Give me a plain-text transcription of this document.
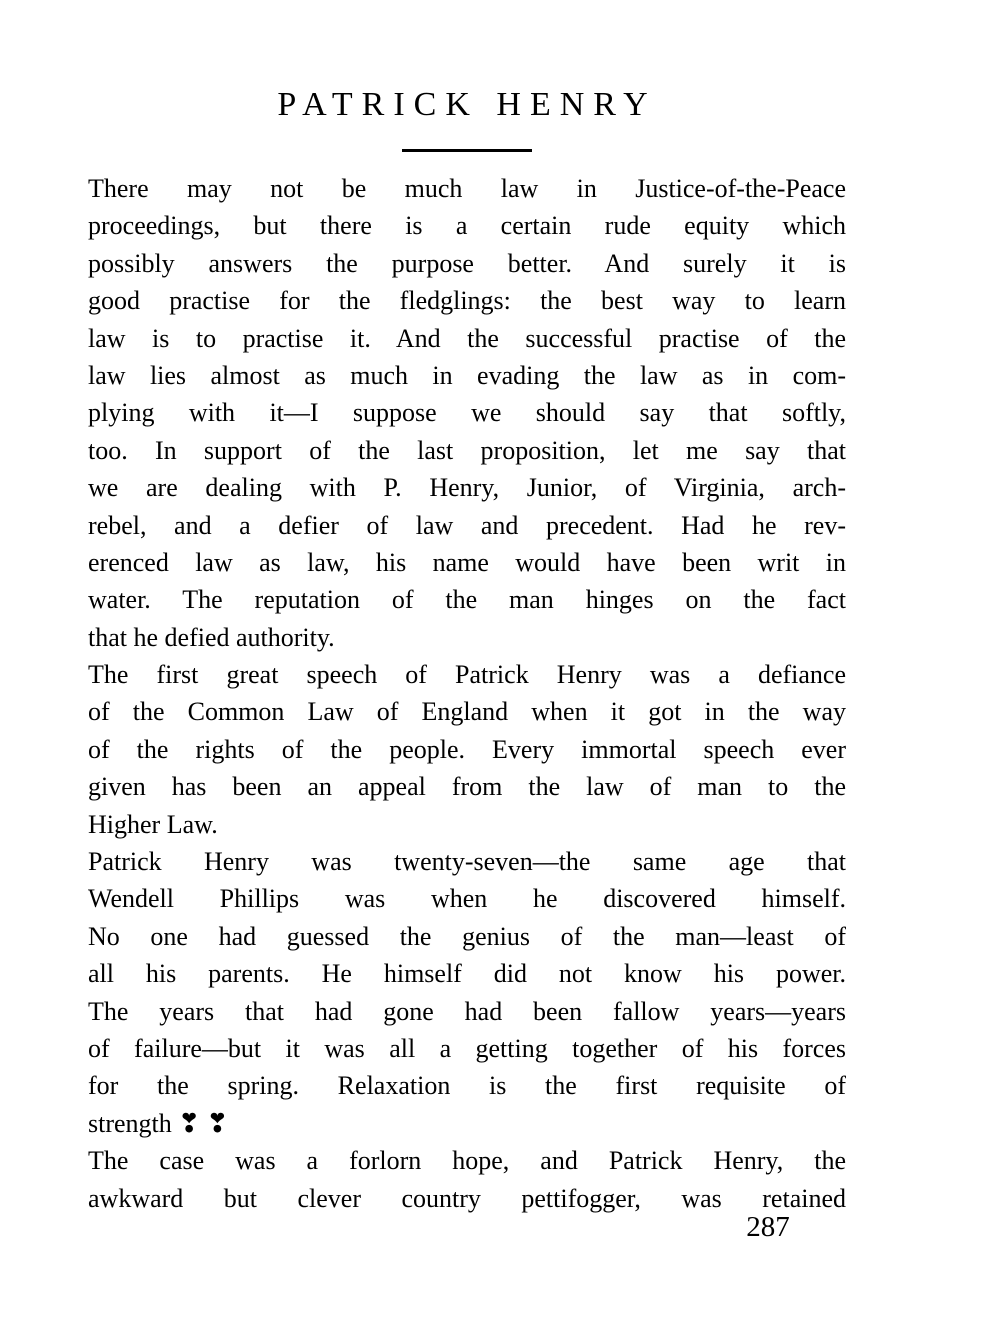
PATRICK HENRY
There may not be much law in Justice-of-the-Peace
proceedings, but there is a certain rude equity which
possibly answers the purpose better. And surely it is
good practise for the fledglings: the best way to learn
law is to practise it. And the successful practise of the
law lies almost as much in evading the law as in com-
plying with it—I suppose we should say that softly,
too. In support of the last proposition, let me say that
we are dealing with P. Henry, Junior, of Virginia, arch-
rebel, and a defier of law and precedent. Had he rev-
erenced law as law, his name would have been writ in
water. The reputation of the man hinges on the fact
that he defied authority.
The first great speech of Patrick Henry was a defiance
of the Common Law of England when it got in the way
of the rights of the people. Every immortal speech ever
given has been an appeal from the law of man to the
Higher Law.
Patrick Henry was twenty-seven—the same age that
Wendell Phillips was when he discovered himself.
No one had guessed the genius of the man—least of
all his parents. He himself did not know his power.
The years that had gone had been fallow years—years
of failure—but it was all a getting together of his forces
for the spring. Relaxation is the first requisite of
strength ❣ ❣
The case was a forlorn hope, and Patrick Henry, the
awkward but clever country pettifogger, was retained
287
